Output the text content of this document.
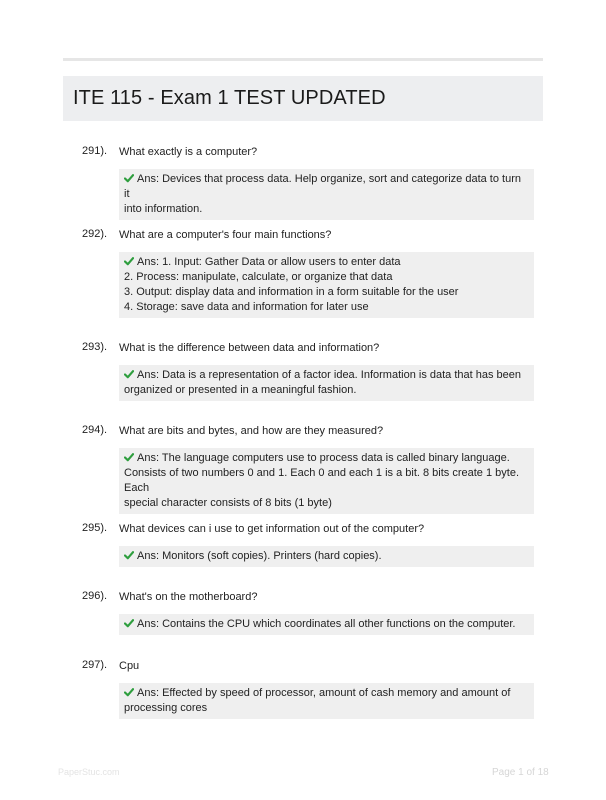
ITE 115 - Exam 1 TEST UPDATED
291). What exactly is a computer?
Ans: Devices that process data. Help organize, sort and categorize data to turn it
into information.
292). What are a computer's four main functions?
Ans: 1. Input: Gather Data or allow users to enter data
2. Process: manipulate, calculate, or organize that data
3. Output: display data and information in a form suitable for the user
4. Storage: save data and information for later use
293). What is the difference between data and information?
Ans: Data is a representation of a factor idea. Information is data that has been
organized or presented in a meaningful fashion.
294). What are bits and bytes, and how are they measured?
Ans: The language computers use to process data is called binary language.
Consists of two numbers 0 and 1. Each 0 and each 1 is a bit. 8 bits create 1 byte. Each
special character consists of 8 bits (1 byte)
295). What devices can i use to get information out of the computer?
Ans: Monitors (soft copies). Printers (hard copies).
296). What's on the motherboard?
Ans: Contains the CPU which coordinates all other functions on the computer.
297). Cpu
Ans: Effected by speed of processor, amount of cash memory and amount of
processing cores
PaperStuc.com	Page 1 of 18
